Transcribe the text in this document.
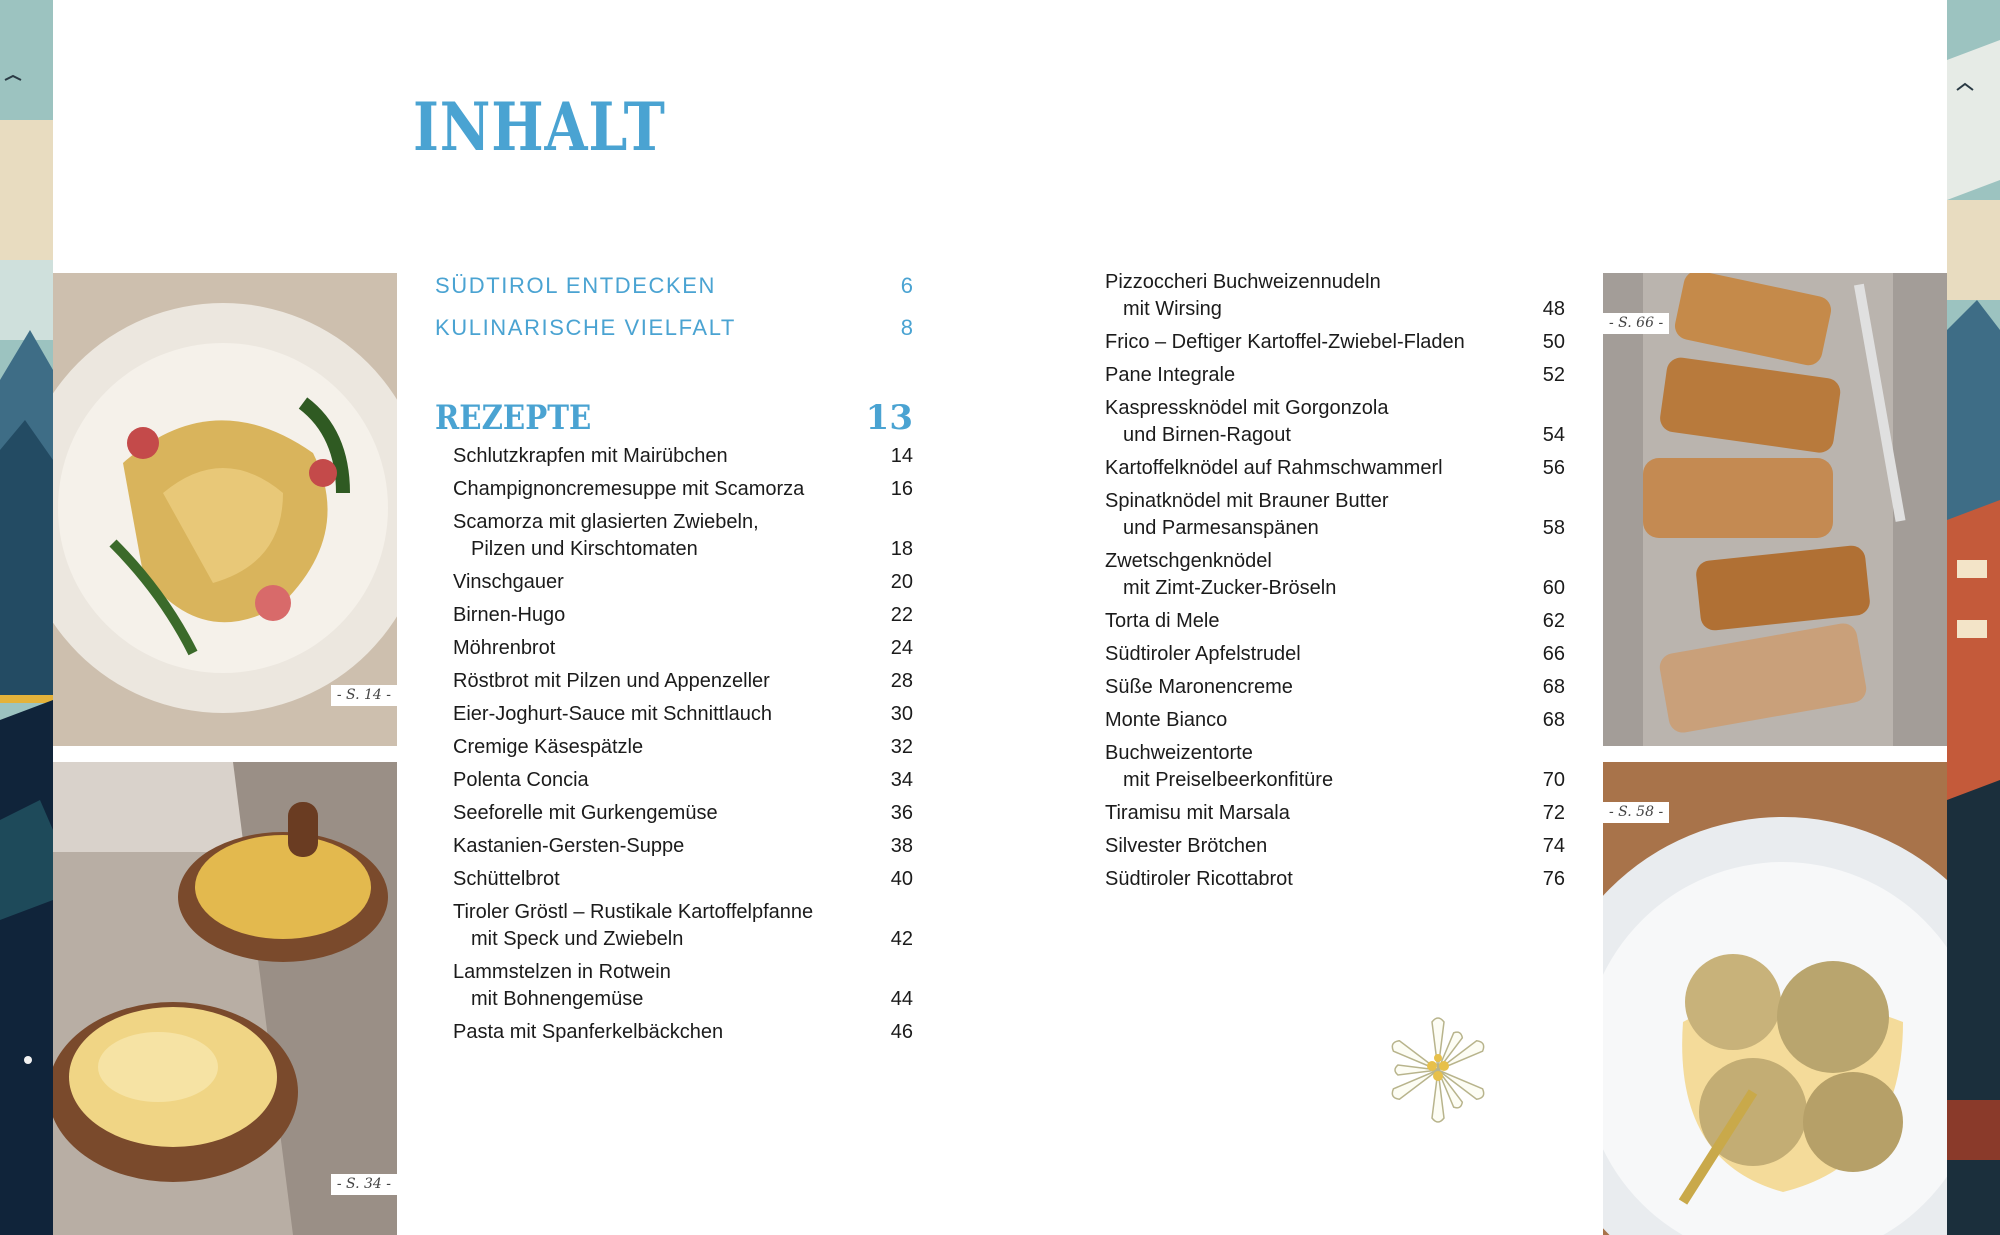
INHALT
- S. 14 -
- S. 34 -
- S. 66 -
- S. 58 -
SÜDTIROL ENTDECKEN	6
KULINARISCHE VIELFALT	8
REZEPTE	13
Schlutzkrapfen mit Mairübchen	14
Champignoncremesuppe mit Scamorza	16
Scamorza mit glasierten Zwiebeln,
Pilzen und Kirschtomaten	18
Vinschgauer	20
Birnen-Hugo	22
Möhrenbrot	24
Röstbrot mit Pilzen und Appenzeller	28
Eier-Joghurt-Sauce mit Schnittlauch	30
Cremige Käsespätzle	32
Polenta Concia	34
Seeforelle mit Gurkengemüse	36
Kastanien-Gersten-Suppe	38
Schüttelbrot	40
Tiroler Gröstl – Rustikale Kartoffelpfanne
mit Speck und Zwiebeln	42
Lammstelzen in Rotwein
mit Bohnengemüse	44
Pasta mit Spanferkelbäckchen	46
Pizzoccheri Buchweizennudeln
mit Wirsing	48
Frico – Deftiger Kartoffel-Zwiebel-Fladen	50
Pane Integrale	52
Kaspressknödel mit Gorgonzola
und Birnen-Ragout	54
Kartoffelknödel auf Rahmschwammerl	56
Spinatknödel mit Brauner Butter
und Parmesanspänen	58
Zwetschgenknödel
mit Zimt-Zucker-Bröseln	60
Torta di Mele	62
Südtiroler Apfelstrudel	66
Süße Maronencreme	68
Monte Bianco	68
Buchweizentorte
mit Preiselbeerkonfitüre	70
Tiramisu mit Marsala	72
Silvester Brötchen	74
Südtiroler Ricottabrot	76
